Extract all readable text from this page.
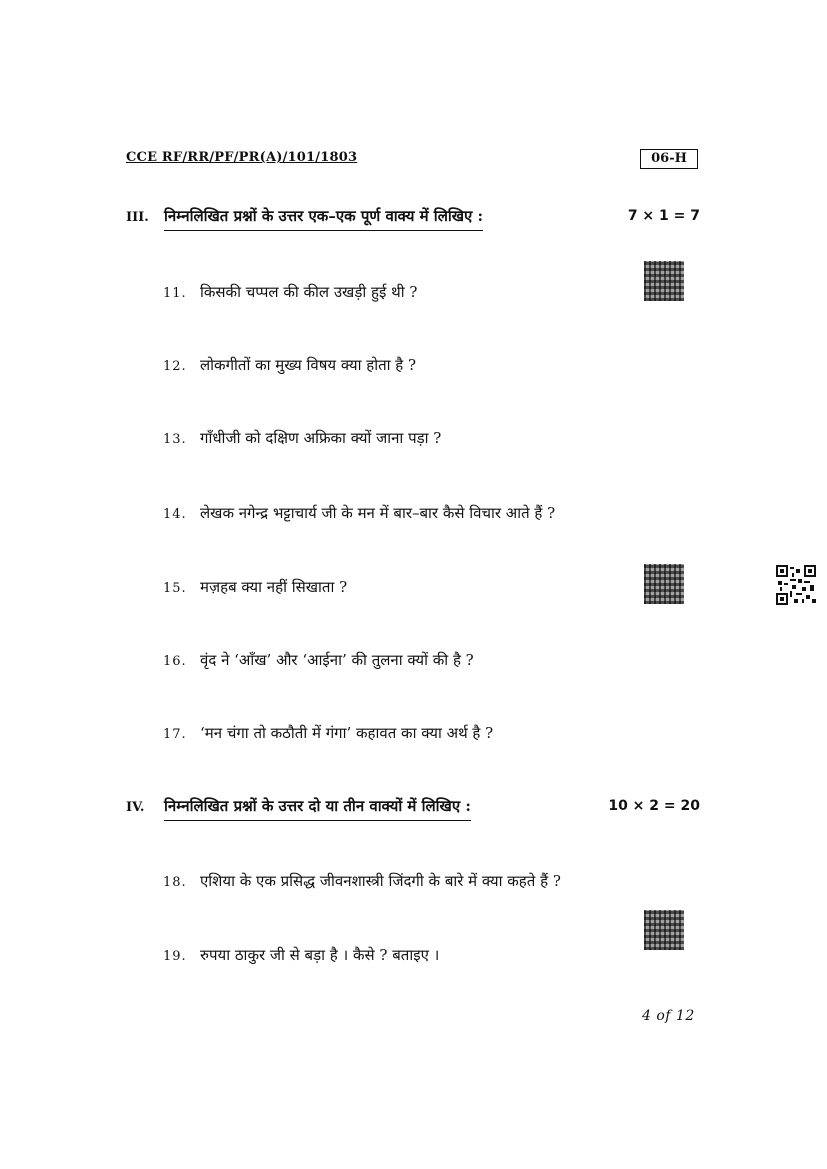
CCE RF/RR/PF/PR(A)/101/1803	06-H
III. निम्नलिखित प्रश्नों के उत्तर एक–एक पूर्ण वाक्य में लिखिए :	7 × 1 = 7
11. किसकी चप्पल की कील उखड़ी हुई थी ?
12. लोकगीतों का मुख्य विषय क्या होता है ?
13. गाँधीजी को दक्षिण अफ्रिका क्यों जाना पड़ा ?
14. लेखक नगेन्द्र भट्टाचार्य जी के मन में बार–बार कैसे विचार आते हैं ?
15. मज़हब क्या नहीं सिखाता ?
16. वृंद ने ‘आँख’ और ‘आईना’ की तुलना क्यों की है ?
17. ‘मन चंगा तो कठौती में गंगा’ कहावत का क्या अर्थ है ?
IV. निम्नलिखित प्रश्नों के उत्तर दो या तीन वाक्यों में लिखिए :	10 × 2 = 20
18. एशिया के एक प्रसिद्ध जीवनशास्त्री जिंदगी के बारे में क्या कहते हैं ?
19. रुपया ठाकुर जी से बड़ा है । कैसे ? बताइए ।
4 of 12
